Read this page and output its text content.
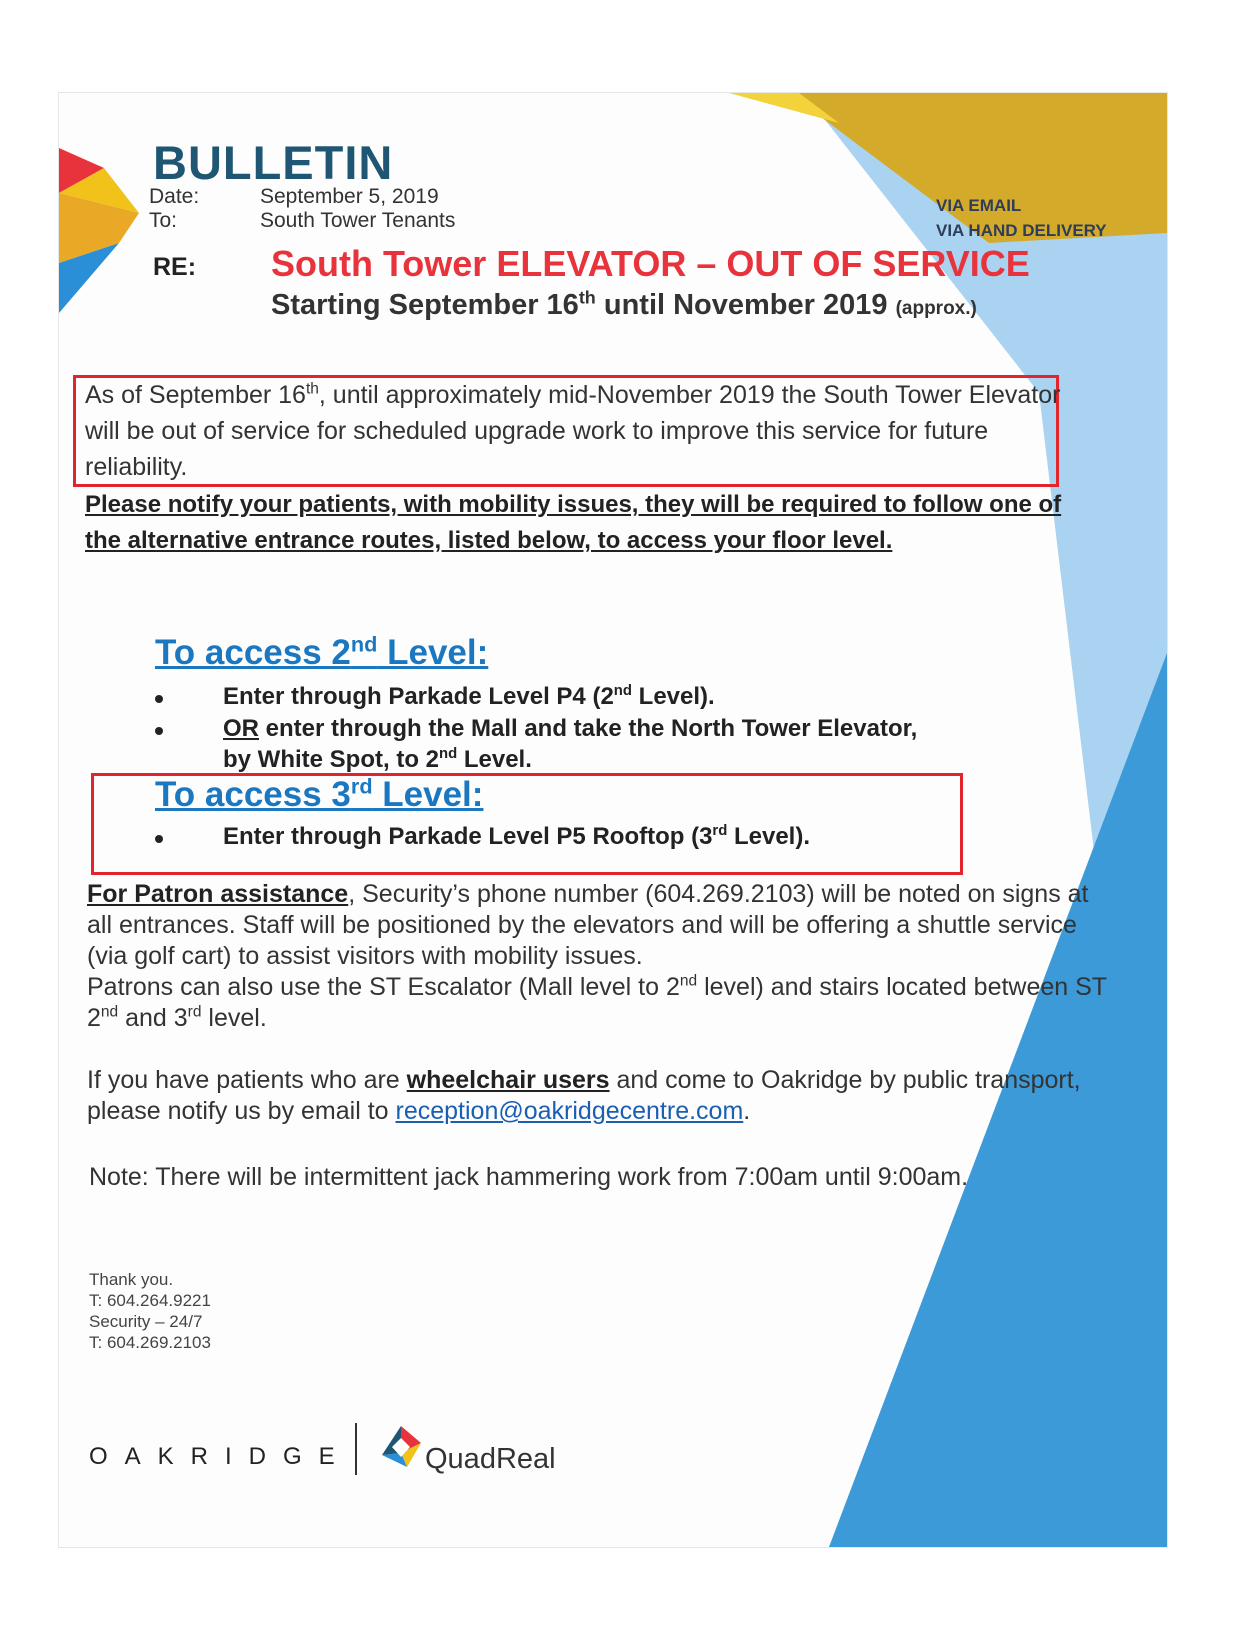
BULLETIN
Date:	September 5, 2019
To:	South Tower Tenants
VIA EMAIL
VIA HAND DELIVERY
RE: South Tower ELEVATOR – OUT OF SERVICE
Starting September 16th until November 2019 (approx.)
As of September 16th, until approximately mid-November 2019 the South Tower Elevator will be out of service for scheduled upgrade work to improve this service for future reliability.
Please notify your patients, with mobility issues, they will be required to follow one of the alternative entrance routes, listed below, to access your floor level.
To access 2nd Level:
Enter through Parkade Level P4 (2nd Level).
OR enter through the Mall and take the North Tower Elevator,
by White Spot, to 2nd Level.
To access 3rd Level:
Enter through Parkade Level P5 Rooftop (3rd Level).
For Patron assistance, Security’s phone number (604.269.2103) will be noted on signs at all entrances. Staff will be positioned by the elevators and will be offering a shuttle service (via golf cart) to assist visitors with mobility issues.
Patrons can also use the ST Escalator (Mall level to 2nd level) and stairs located between ST 2nd and 3rd level.
If you have patients who are wheelchair users and come to Oakridge by public transport, please notify us by email to reception@oakridgecentre.com.
Note: There will be intermittent jack hammering work from 7:00am until 9:00am.
Thank you.
T: 604.264.9221
Security – 24/7
T: 604.269.2103
OAKRIDGE	QuadReal
